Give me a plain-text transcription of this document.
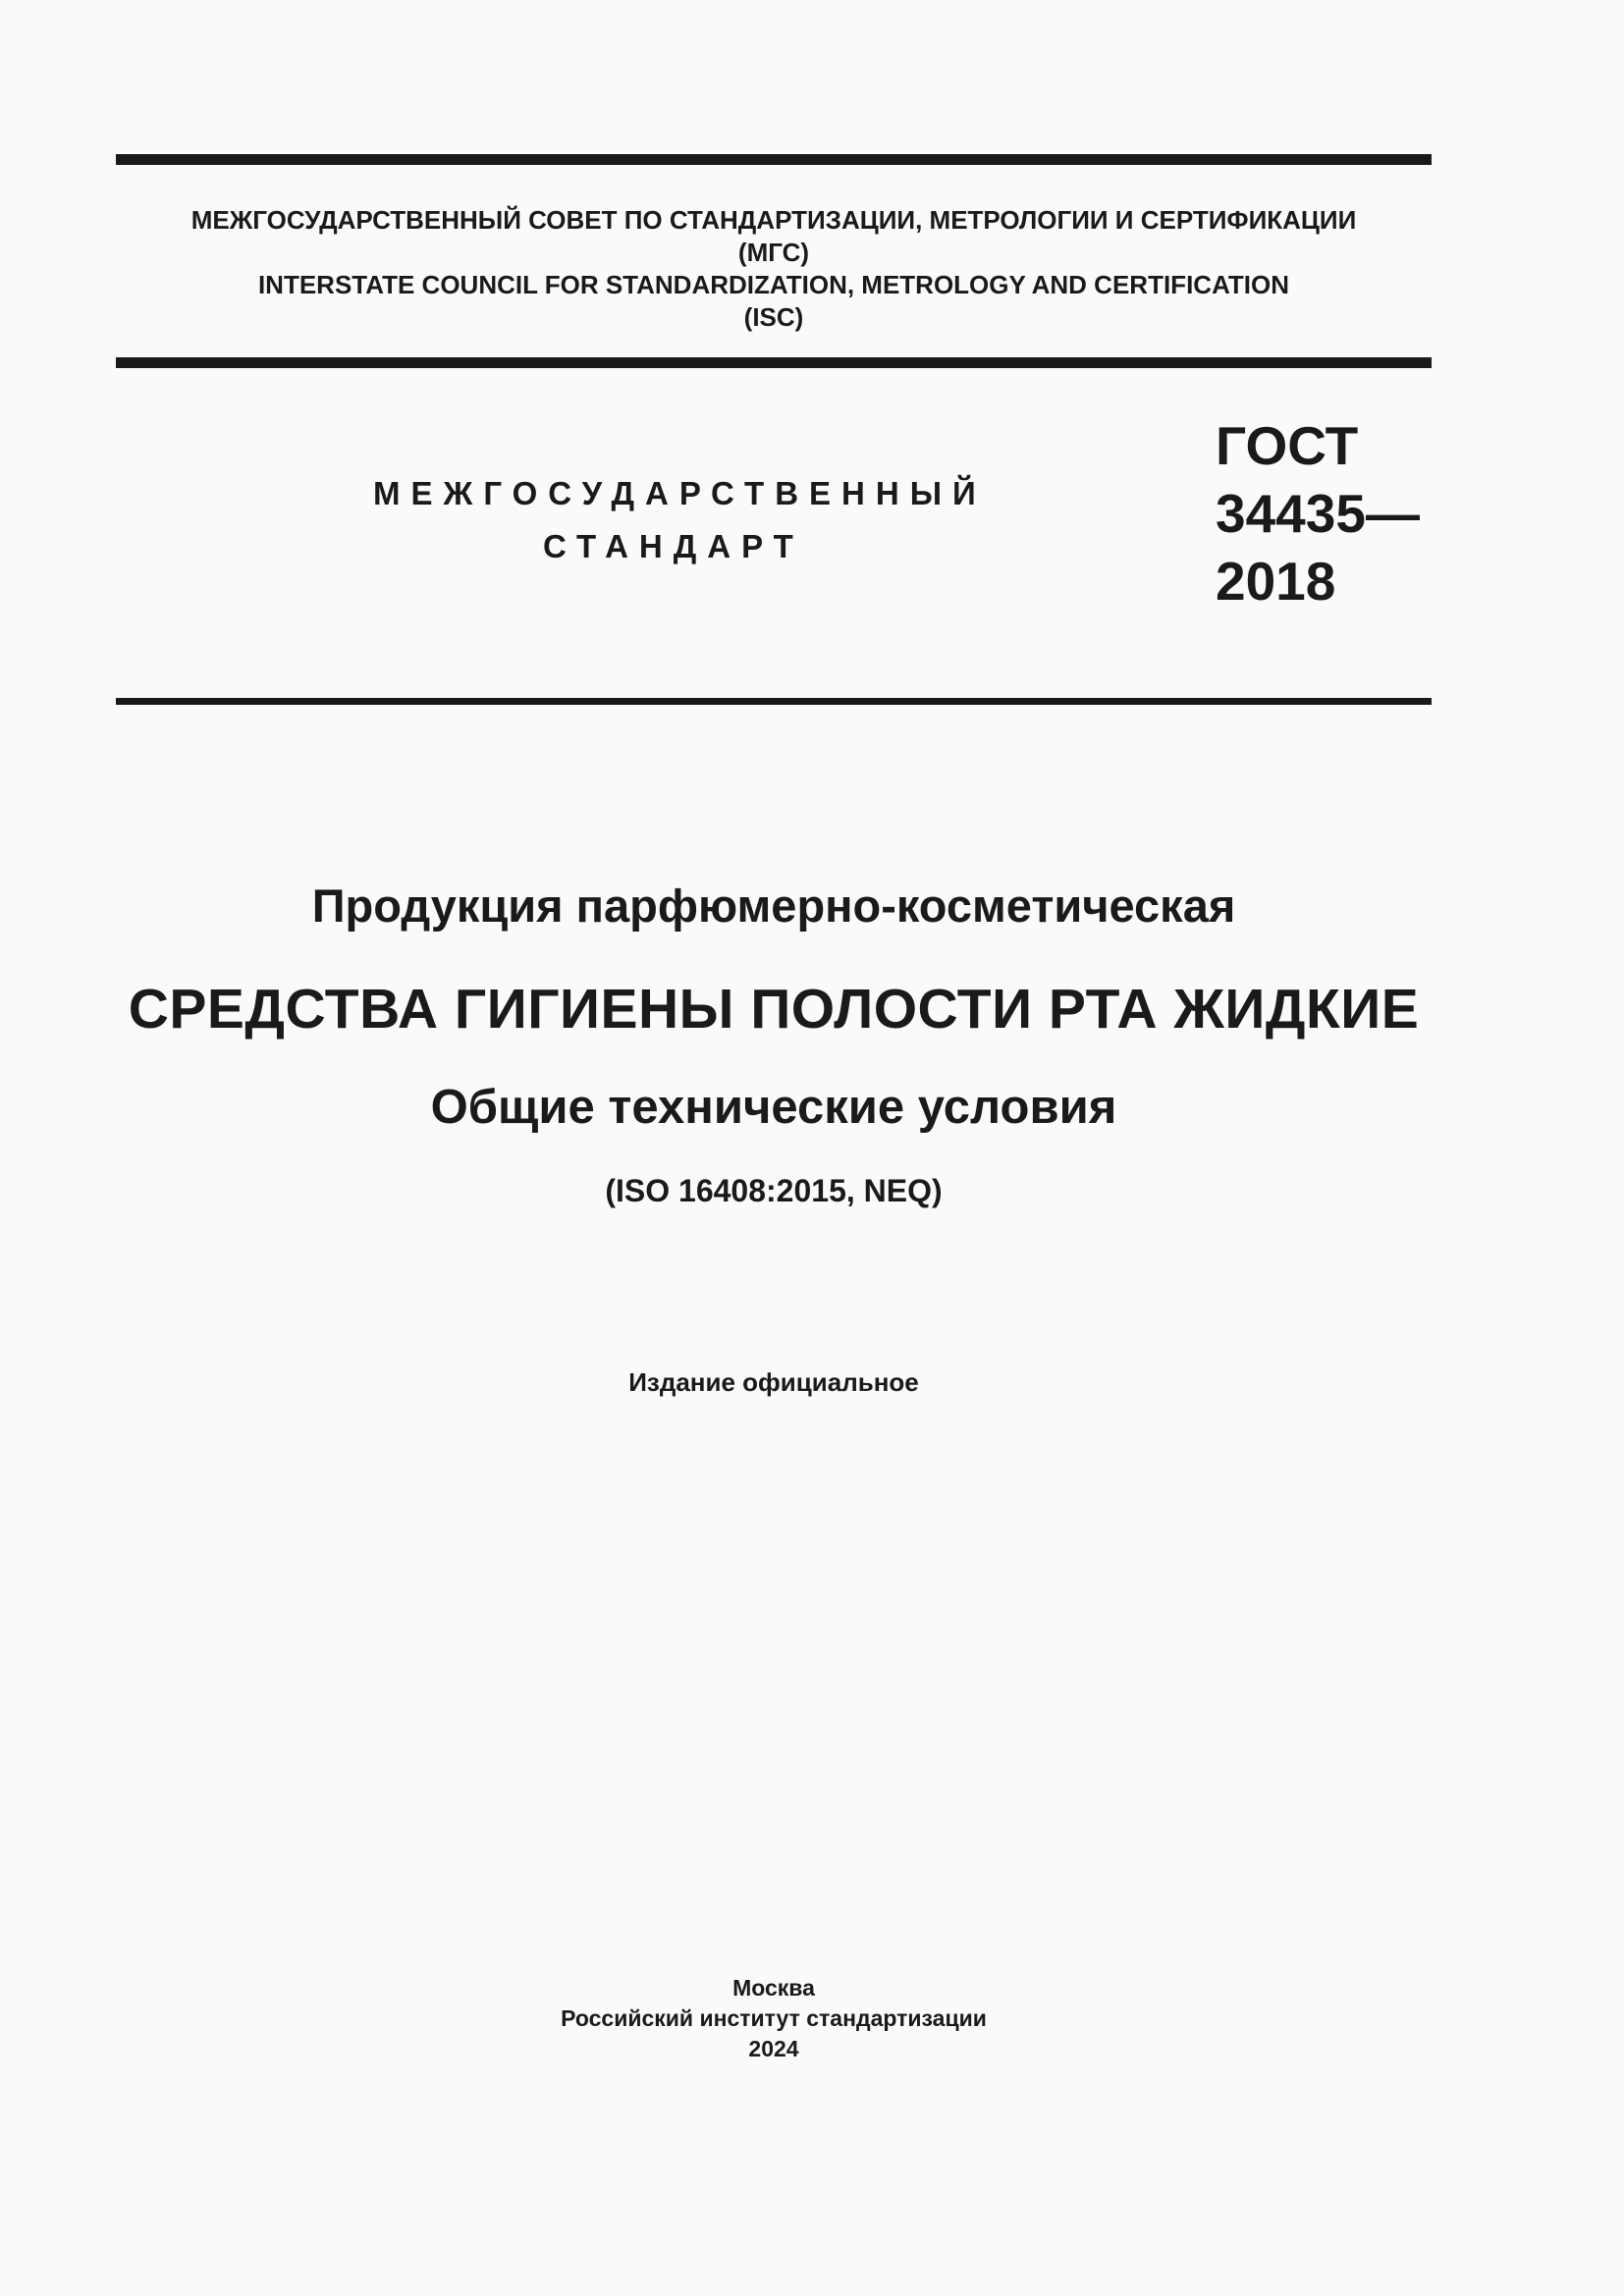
МЕЖГОСУДАРСТВЕННЫЙ СОВЕТ ПО СТАНДАРТИЗАЦИИ, МЕТРОЛОГИИ И СЕРТИФИКАЦИИ
(МГС)
INTERSTATE COUNCIL FOR STANDARDIZATION, METROLOGY AND CERTIFICATION
(ISC)
МЕЖГОСУДАРСТВЕННЫЙ
СТАНДАРТ
ГОСТ
34435—
2018
Продукция парфюмерно-косметическая
СРЕДСТВА ГИГИЕНЫ ПОЛОСТИ РТА ЖИДКИЕ
Общие технические условия
(ISO 16408:2015, NEQ)
Издание официальное
Москва
Российский институт стандартизации
2024
